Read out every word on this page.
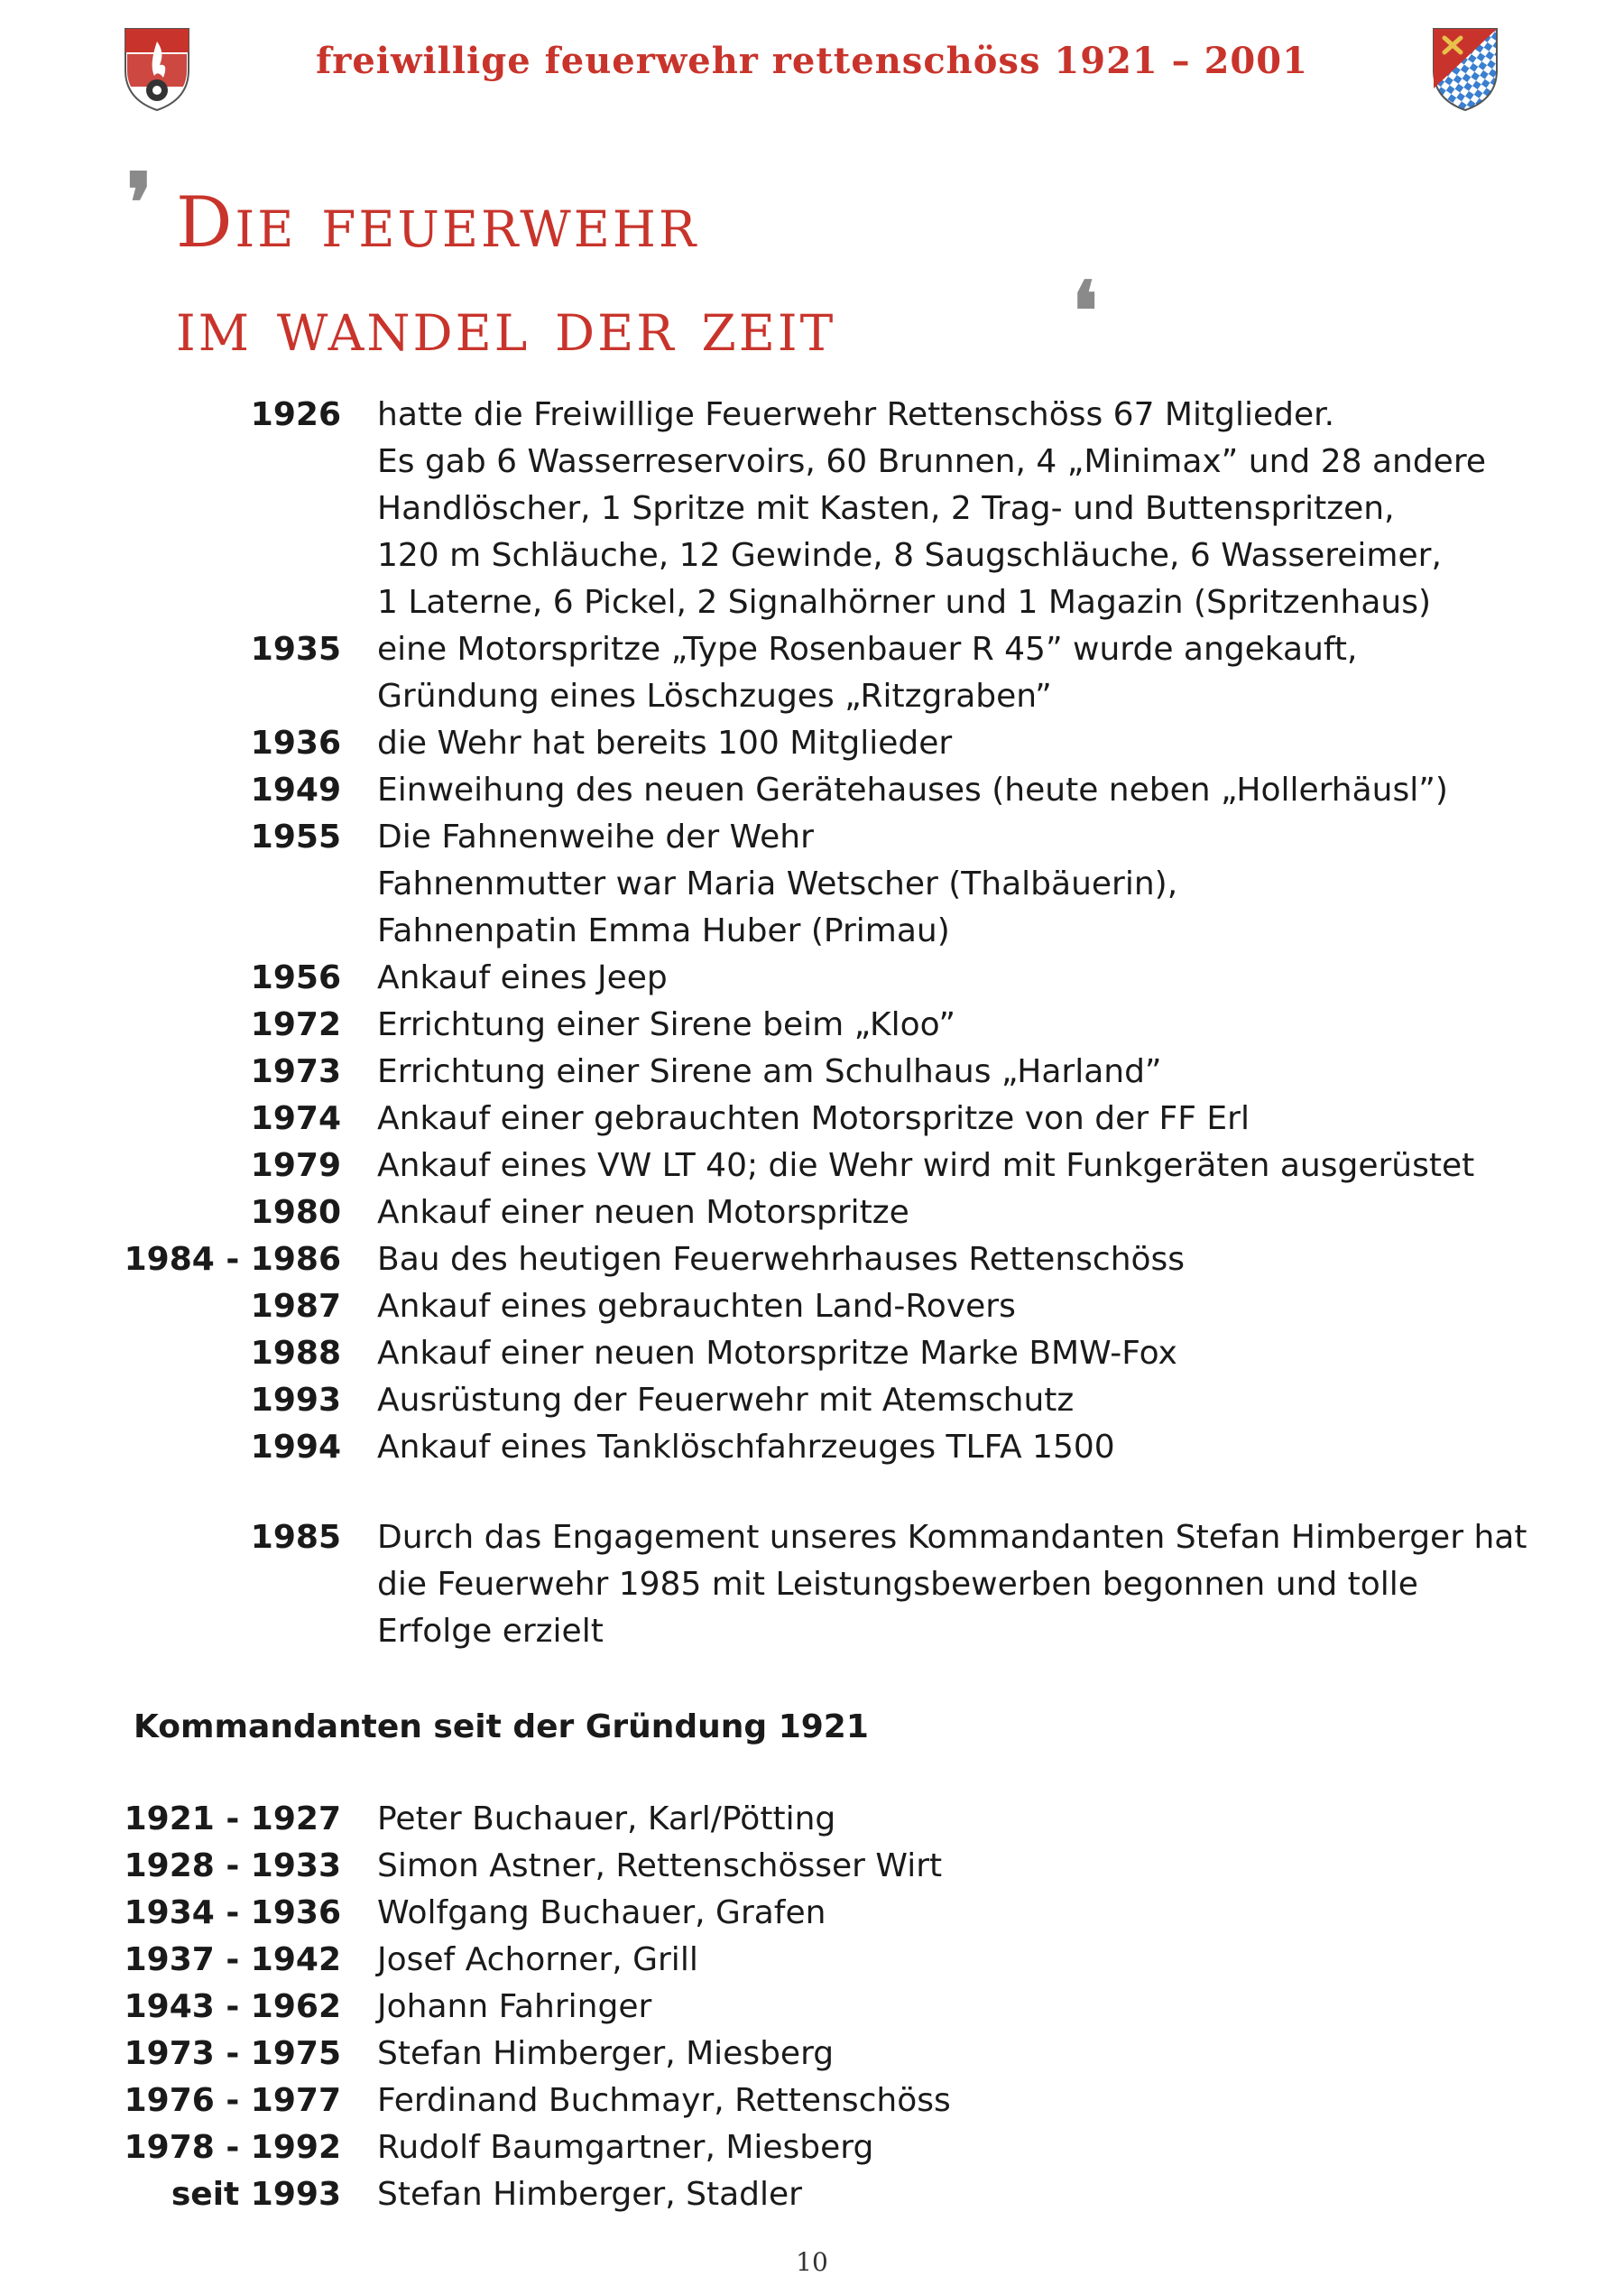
freiwillige feuerwehr rettenschöss 1921 – 2001
❜ Die feuerwehr
im wandel der zeit	❛
1926 hatte die Freiwillige Feuerwehr Rettenschöss 67 Mitglieder.
Es gab 6 Wasserreservoirs, 60 Brunnen, 4 „Minimax” und 28 andere
Handlöscher, 1 Spritze mit Kasten, 2 Trag- und Buttenspritzen,
120 m Schläuche, 12 Gewinde, 8 Saugschläuche, 6 Wassereimer,
1 Laterne, 6 Pickel, 2 Signalhörner und 1 Magazin (Spritzenhaus)
1935 eine Motorspritze „Type Rosenbauer R 45” wurde angekauft,
Gründung eines Löschzuges „Ritzgraben”
1936 die Wehr hat bereits 100 Mitglieder
1949 Einweihung des neuen Gerätehauses (heute neben „Hollerhäusl”)
1955 Die Fahnenweihe der Wehr
Fahnenmutter war Maria Wetscher (Thalbäuerin),
Fahnenpatin Emma Huber (Primau)
1956 Ankauf eines Jeep
1972 Errichtung einer Sirene beim „Kloo”
1973 Errichtung einer Sirene am Schulhaus „Harland”
1974 Ankauf einer gebrauchten Motorspritze von der FF Erl
1979 Ankauf eines VW LT 40; die Wehr wird mit Funkgeräten ausgerüstet
1980 Ankauf einer neuen Motorspritze
1984 - 1986 Bau des heutigen Feuerwehrhauses Rettenschöss
1987 Ankauf eines gebrauchten Land-Rovers
1988 Ankauf einer neuen Motorspritze Marke BMW-Fox
1993 Ausrüstung der Feuerwehr mit Atemschutz
1994 Ankauf eines Tanklöschfahrzeuges TLFA 1500
1985 Durch das Engagement unseres Kommandanten Stefan Himberger hat
die Feuerwehr 1985 mit Leistungsbewerben begonnen und tolle
Erfolge erzielt
Kommandanten seit der Gründung 1921
1921 - 1927 Peter Buchauer, Karl/Pötting
1928 - 1933 Simon Astner, Rettenschösser Wirt
1934 - 1936 Wolfgang Buchauer, Grafen
1937 - 1942 Josef Achorner, Grill
1943 - 1962 Johann Fahringer
1973 - 1975 Stefan Himberger, Miesberg
1976 - 1977 Ferdinand Buchmayr, Rettenschöss
1978 - 1992 Rudolf Baumgartner, Miesberg
seit 1993 Stefan Himberger, Stadler
10
